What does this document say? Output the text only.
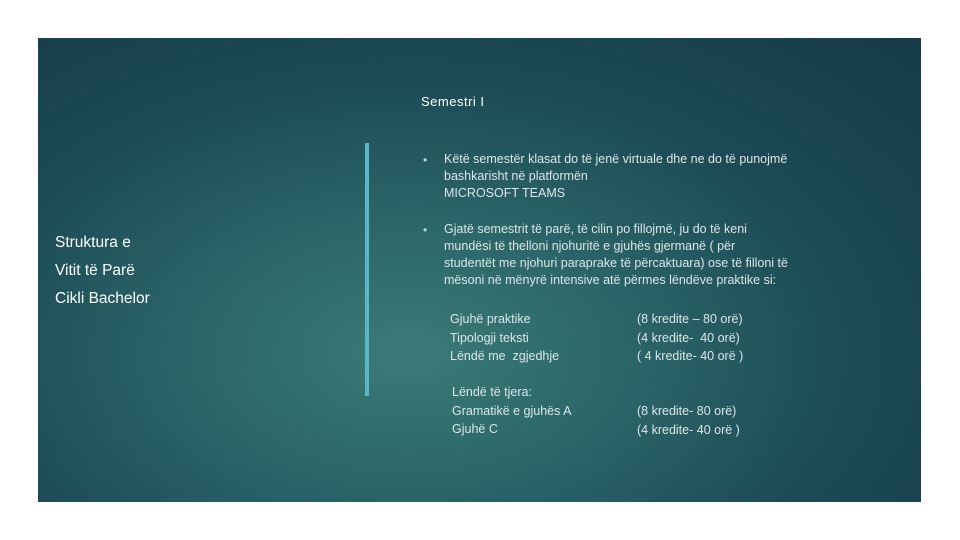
Struktura e
Vitit të Parë
Cikli Bachelor
Semestri I
• Këtë semestër klasat do të jenë virtuale dhe ne do të punojmë
bashkarisht në platformën
MICROSOFT TEAMS
• Gjatë semestrit të parë, të cilin po fillojmë, ju do të keni
mundësi të thelloni njohuritë e gjuhës gjermanë ( për
studentët me njohuri paraprake të përcaktuara) ose të filloni të
mësoni në mënyrë intensive atë përmes lëndëve praktike si:
Gjuhë praktike
Tipologji teksti
Lëndë me  zgjedhje
(8 kredite – 80 orë)
(4 kredite-  40 orë)
( 4 kredite- 40 orë )
Lëndë të tjera:
Gramatikë e gjuhës A
Gjuhë C
(8 kredite- 80 orë)
(4 kredite- 40 orë )
